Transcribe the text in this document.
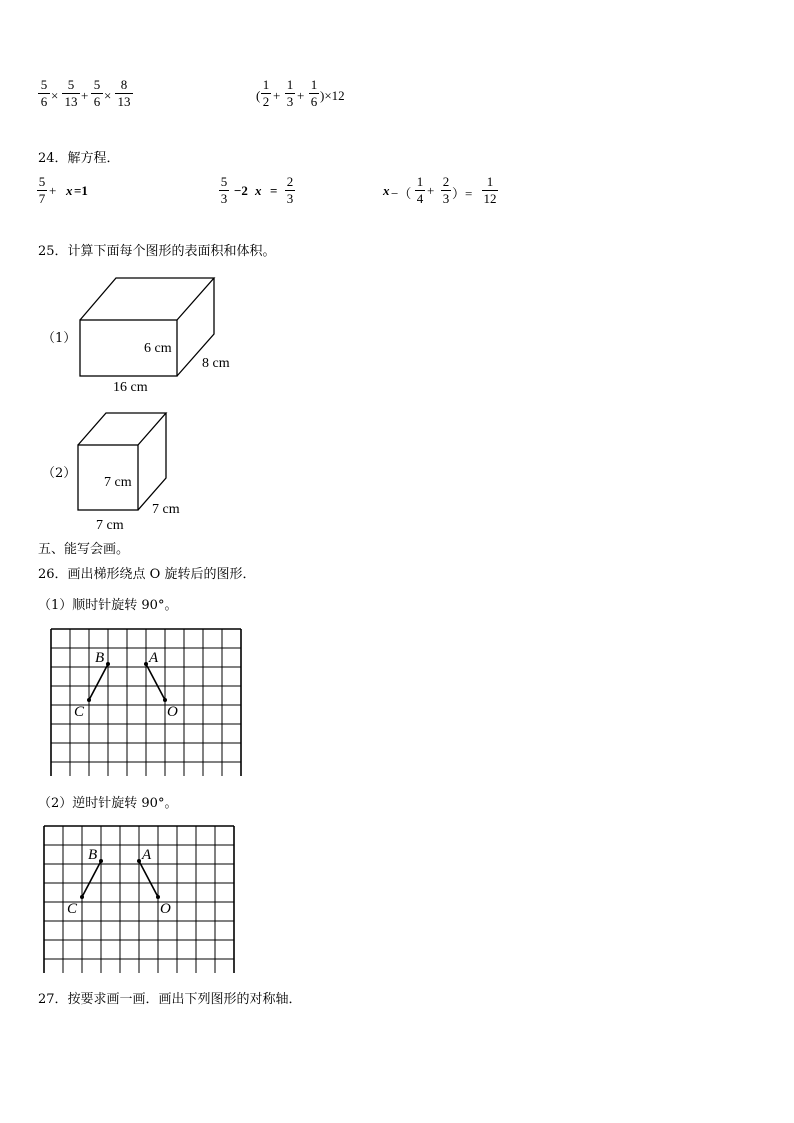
5
6 ×
5
13 +
5
6 ×
8
13	(
1
2 +
1
3 +
1
6 )×12
24．解方程．
5
7
+ x =1
5
3
−2 x =
2
3
x −（
1
4
+
2
3 ）=
1
12
25．计算下面每个图形的表面积和体积。
（1）
6 cm
8 cm
16 cm
（2）
7 cm
7 cm
7 cm
五、能写会画。
26．画出梯形绕点 O 旋转后的图形．
（1）顺时针旋转 90°。
B	A
C	O
（2）逆时针旋转 90°。
B	A
C	O
27．按要求画一画．画出下列图形的对称轴．
